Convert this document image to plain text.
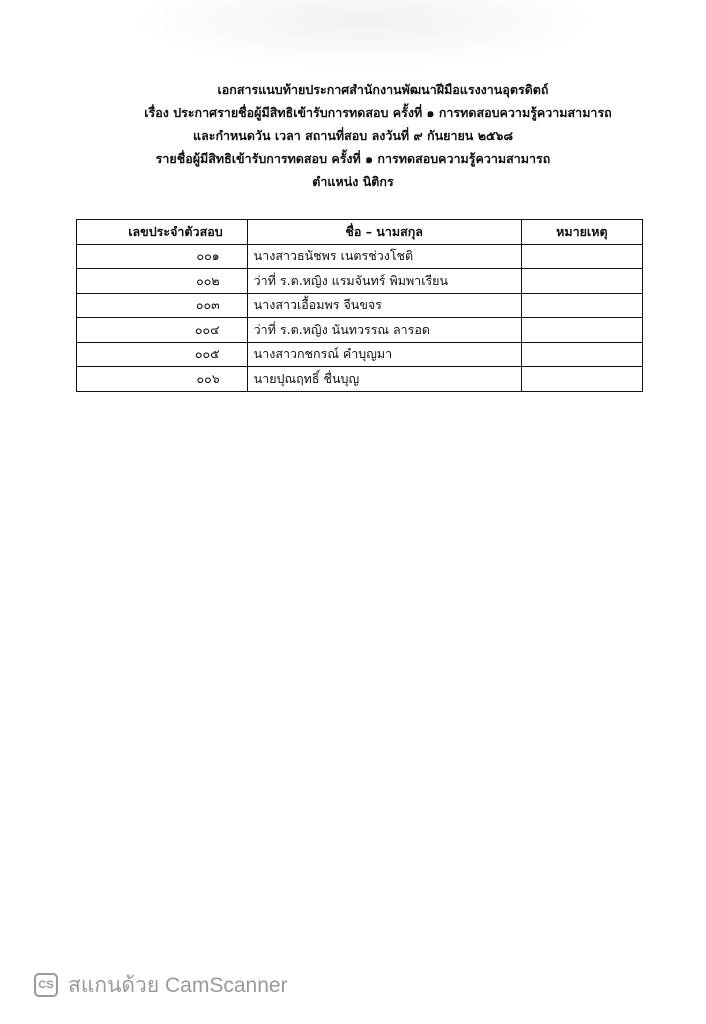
เอกสารแนบท้ายประกาศสำนักงานพัฒนาฝีมือแรงงานอุตรดิตถ์
เรื่อง ประกาศรายชื่อผู้มีสิทธิเข้ารับการทดสอบ ครั้งที่ ๑ การทดสอบความรู้ความสามารถ
และกำหนดวัน เวลา สถานที่สอบ ลงวันที่ ๙ กันยายน ๒๕๖๘
รายชื่อผู้มีสิทธิเข้ารับการทดสอบ ครั้งที่ ๑ การทดสอบความรู้ความสามารถ
ตำแหน่ง นิติกร
เลขประจำตัวสอบ	ชื่อ – นามสกุล	หมายเหตุ
๐๐๑	นางสาวธนัชพร เนตรช่วงโชติ	
๐๐๒	ว่าที่ ร.ต.หญิง แรมจันทร์ พิมพาเรียน	
๐๐๓	นางสาวเอื้อมพร จีนขจร	
๐๐๔	ว่าที่ ร.ต.หญิง นันทวรรณ ลารอด	
๐๐๕	นางสาวกชกรณ์ คำบุญมา	
๐๐๖	นายปุณฤทธิ์ ชื่นบุญ	
CS สแกนด้วย CamScanner
